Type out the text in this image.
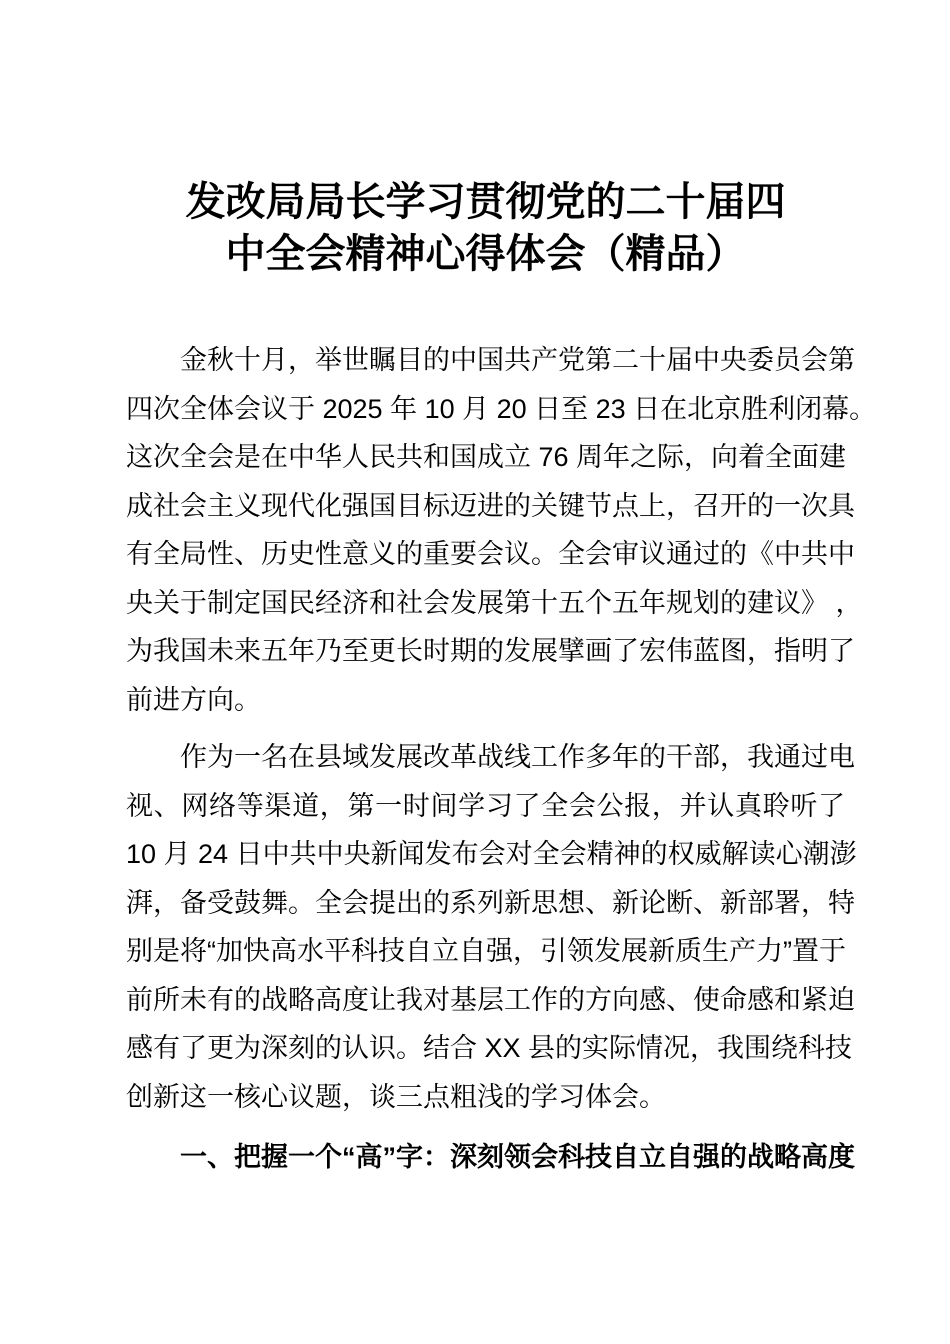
发改局局长学习贯彻党的二十届四
中全会精神心得体会（精品）
金秋十月，举世瞩目的中国共产党第二十届中央委员会第
四次全体会议于 2025 年 10 月 20 日至 23 日在北京胜利闭幕。
这次全会是在中华人民共和国成立 76 周年之际，向着全面建
成社会主义现代化强国目标迈进的关键节点上，召开的一次具
有全局性、历史性意义的重要会议。全会审议通过的《中共中
央关于制定国民经济和社会发展第十五个五年规划的建议》 ，
为我国未来五年乃至更长时期的发展擘画了宏伟蓝图，指明了
前进方向。
作为一名在县域发展改革战线工作多年的干部，我通过电
视、网络等渠道，第一时间学习了全会公报，并认真聆听了
10 月 24 日中共中央新闻发布会对全会精神的权威解读心潮澎
湃，备受鼓舞。全会提出的系列新思想、新论断、新部署，特
别是将“加快高水平科技自立自强，引领发展新质生产力”置于
前所未有的战略高度让我对基层工作的方向感、使命感和紧迫
感有了更为深刻的认识。结合 XX 县的实际情况，我围绕科技
创新这一核心议题，谈三点粗浅的学习体会。
一、把握一个“高”字：深刻领会科技自立自强的战略高度
